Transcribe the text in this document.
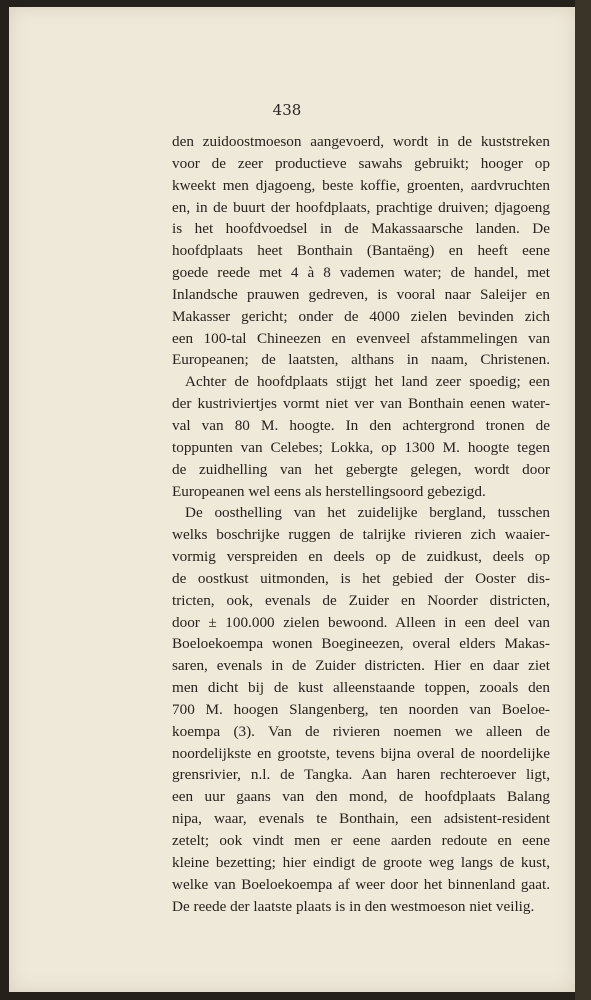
438
den zuidoostmoeson aangevoerd, wordt in de kuststreken
voor de zeer productieve sawahs gebruikt; hooger op
kweekt men djagoeng, beste koffie, groenten, aardvruchten
en, in de buurt der hoofdplaats, prachtige druiven; djagoeng
is het hoofdvoedsel in de Makassaarsche landen. De
hoofdplaats heet Bonthain (Bantaëng) en heeft eene
goede reede met 4 à 8 vademen water; de handel, met
Inlandsche prauwen gedreven, is vooral naar Saleijer en
Makasser gericht; onder de 4000 zielen bevinden zich
een 100-tal Chineezen en evenveel afstammelingen van
Europeanen; de laatsten, althans in naam, Christenen.
Achter de hoofdplaats stijgt het land zeer spoedig; een
der kustriviertjes vormt niet ver van Bonthain eenen water-
val van 80 M. hoogte. In den achtergrond tronen de
toppunten van Celebes; Lokka, op 1300 M. hoogte tegen
de zuidhelling van het gebergte gelegen, wordt door
Europeanen wel eens als herstellingsoord gebezigd.
De oosthelling van het zuidelijke bergland, tusschen
welks boschrijke ruggen de talrijke rivieren zich waaier-
vormig verspreiden en deels op de zuidkust, deels op
de oostkust uitmonden, is het gebied der Ooster dis-
tricten, ook, evenals de Zuider en Noorder districten,
door ± 100.000 zielen bewoond. Alleen in een deel van
Boeloekoempa wonen Boegineezen, overal elders Makas-
saren, evenals in de Zuider districten. Hier en daar ziet
men dicht bij de kust alleenstaande toppen, zooals den
700 M. hoogen Slangenberg, ten noorden van Boeloe-
koempa (3). Van de rivieren noemen we alleen de
noordelijkste en grootste, tevens bijna overal de noordelijke
grensrivier, n.l. de Tangka. Aan haren rechteroever ligt,
een uur gaans van den mond, de hoofdplaats Balang
nipa, waar, evenals te Bonthain, een adsistent-resident
zetelt; ook vindt men er eene aarden redoute en eene
kleine bezetting; hier eindigt de groote weg langs de kust,
welke van Boeloekoempa af weer door het binnenland gaat.
De reede der laatste plaats is in den westmoeson niet veilig.
